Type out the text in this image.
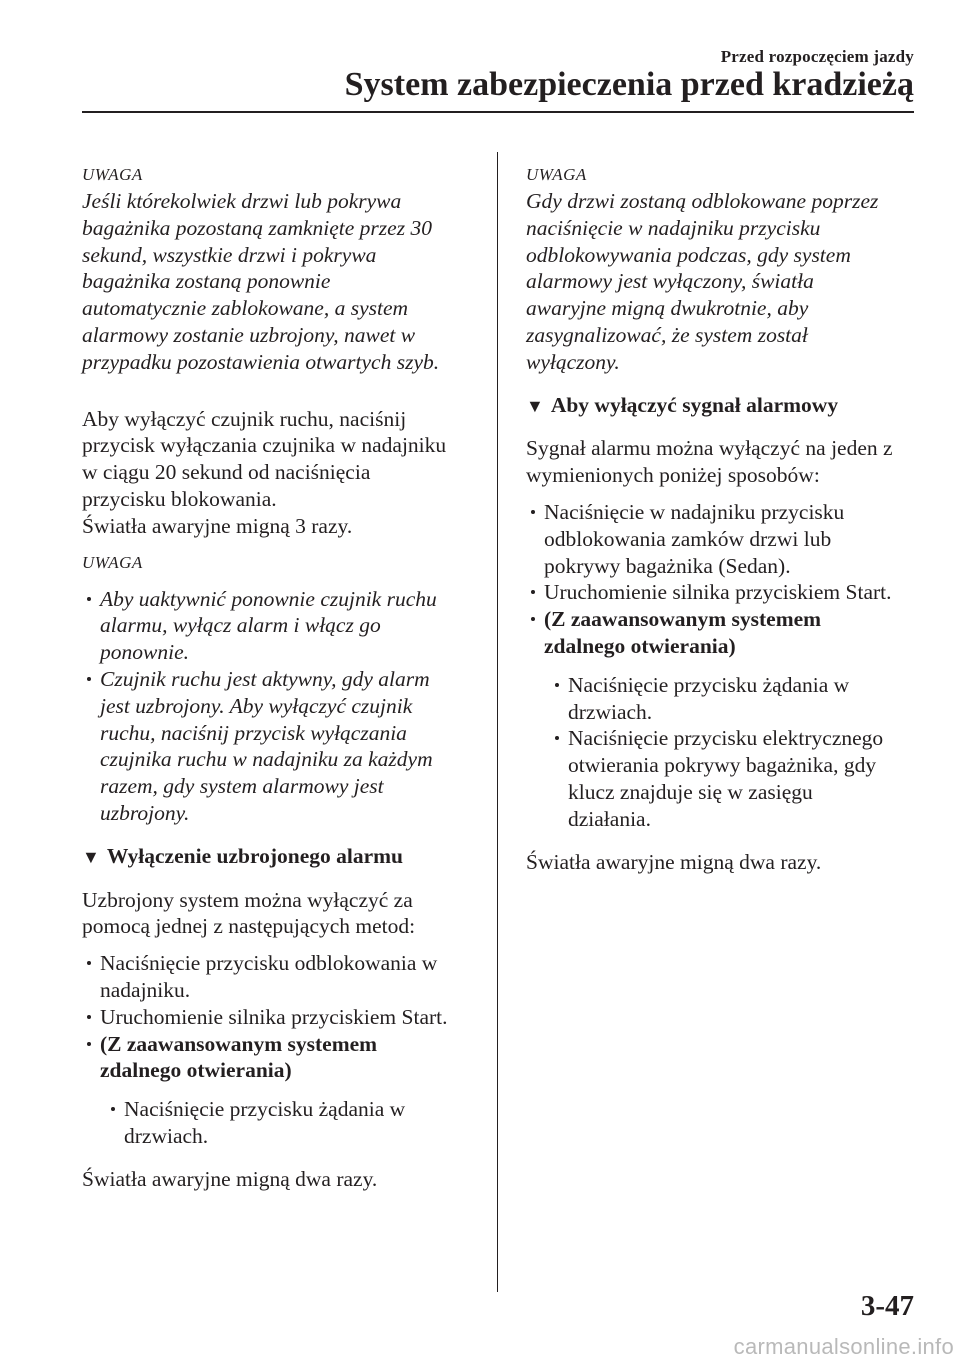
Przed rozpoczęciem jazdy
System zabezpieczenia przed kradzieżą

UWAGA

Jeśli którekolwiek drzwi lub pokrywa
bagażnika pozostaną zamknięte przez 30
sekund, wszystkie drzwi i pokrywa
bagażnika zostaną ponownie
automatycznie zablokowane, a system
alarmowy zostanie uzbrojony, nawet w
przypadku pozostawienia otwartych szyb.

Aby wyłączyć czujnik ruchu, naciśnij
przycisk wyłączania czujnika w nadajniku
w ciągu 20 sekund od naciśnięcia
przycisku blokowania.
Światła awaryjne migną 3 razy.

UWAGA

Aby uaktywnić ponownie czujnik ruchu
alarmu, wyłącz alarm i włącz go
ponownie.
Czujnik ruchu jest aktywny, gdy alarm
jest uzbrojony. Aby wyłączyć czujnik
ruchu, naciśnij przycisk wyłączania
czujnika ruchu w nadajniku za każdym
razem, gdy system alarmowy jest
uzbrojony.
▼ Wyłączenie uzbrojonego alarmu

Uzbrojony system można wyłączyć za
pomocą jednej z następujących metod:

Naciśnięcie przycisku odblokowania w
nadajniku.
Uruchomienie silnika przyciskiem Start.
(Z zaawansowanym systemem
zdalnego otwierania)
Naciśnięcie przycisku żądania w
drzwiach.

Światła awaryjne migną dwa razy.

UWAGA

Gdy drzwi zostaną odblokowane poprzez
naciśnięcie w nadajniku przycisku
odblokowywania podczas, gdy system
alarmowy jest wyłączony, światła
awaryjne migną dwukrotnie, aby
zasygnalizować, że system został
wyłączony.

▼ Aby wyłączyć sygnał alarmowy

Sygnał alarmu można wyłączyć na jeden z
wymienionych poniżej sposobów:

Naciśnięcie w nadajniku przycisku
odblokowania zamków drzwi lub
pokrywy bagażnika (Sedan).
Uruchomienie silnika przyciskiem Start.
(Z zaawansowanym systemem
zdalnego otwierania)
Naciśnięcie przycisku żądania w
drzwiach.
Naciśnięcie przycisku elektrycznego
otwierania pokrywy bagażnika, gdy
klucz znajduje się w zasięgu
działania.

Światła awaryjne migną dwa razy.

3-47
carmanualsonline.info
